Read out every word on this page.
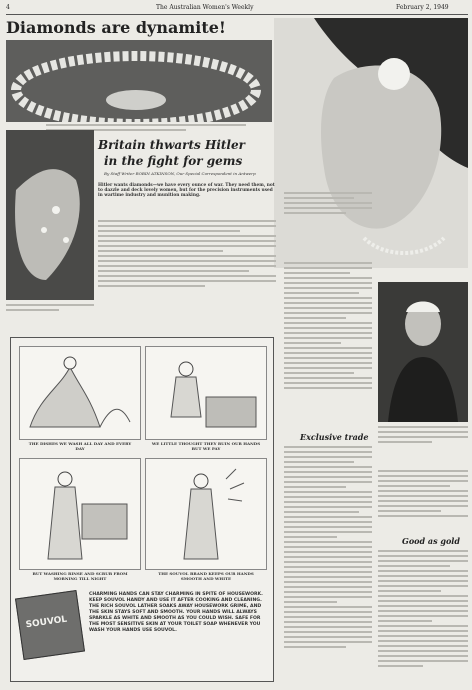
4	The Australian Women's Weekly	February 2, 1949
Diamonds are dynamite!
Britain thwarts Hitler
in the fight for gems
By Staff Writer ROBIN ATKINSON, Our Special Correspondent in Antwerp
Hitler wants diamonds—we have every ounce of war. They need them, not to dazzle and deck lovely women, but for the precision instruments used in wartime industry and munition making.
Exclusive trade
Good as gold
THE DISHES WE WASH ALL DAY AND EVERY DAY
WE LITTLE THOUGHT THEY RUIN OUR HANDS BUT WE PAY
BUT WASHING RINSE AND SCRUB FROM MORNING TILL NIGHT
THE SOUVOL BRAND KEEPS OUR HANDS SMOOTH AND WHITE
SOUVOL
CHARMING HANDS CAN STAY CHARMING IN SPITE OF HOUSEWORK. KEEP SOUVOL HANDY AND USE IT AFTER COOKING AND CLEANING. THE RICH SOUVOL LATHER SOAKS AWAY HOUSEWORK GRIME, AND THE SKIN STAYS SOFT AND SMOOTH. YOUR HANDS WILL ALWAYS SPARKLE AS WHITE AND SMOOTH AS YOU COULD WISH. SAFE FOR THE MOST SENSITIVE SKIN AT YOUR TOILET SOAP WHENEVER YOU WASH YOUR HANDS USE SOUVOL.
